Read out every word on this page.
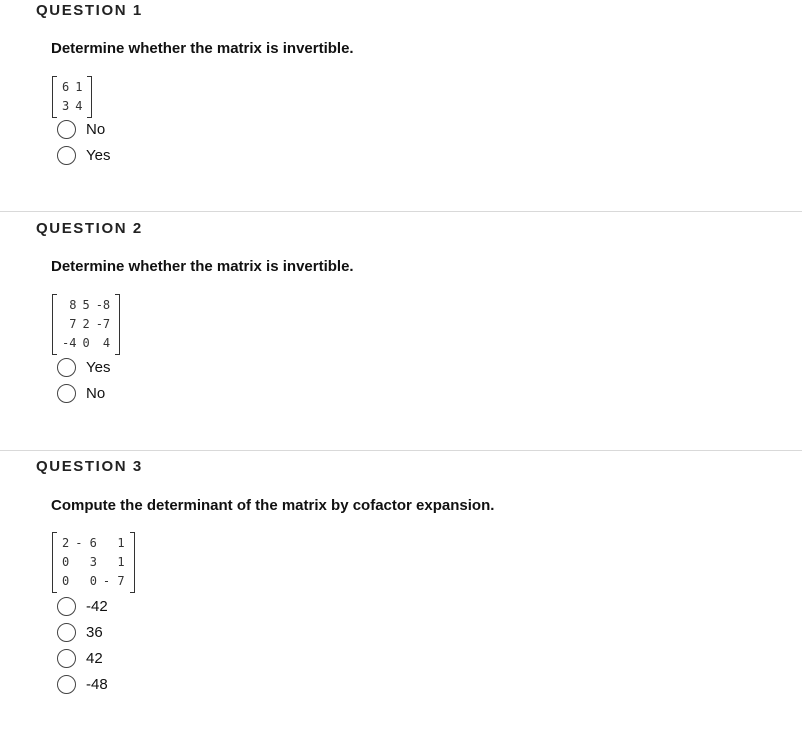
QUESTION 1
Determine whether the matrix is invertible.
6	1
3	4
No
Yes
QUESTION 2
Determine whether the matrix is invertible.
8	5	-8
7	2	-7
-4	0	4
Yes
No
QUESTION 3
Compute the determinant of the matrix by cofactor expansion.
2	- 6	1
0	3	1
0	0	- 7
-42
36
42
-48
